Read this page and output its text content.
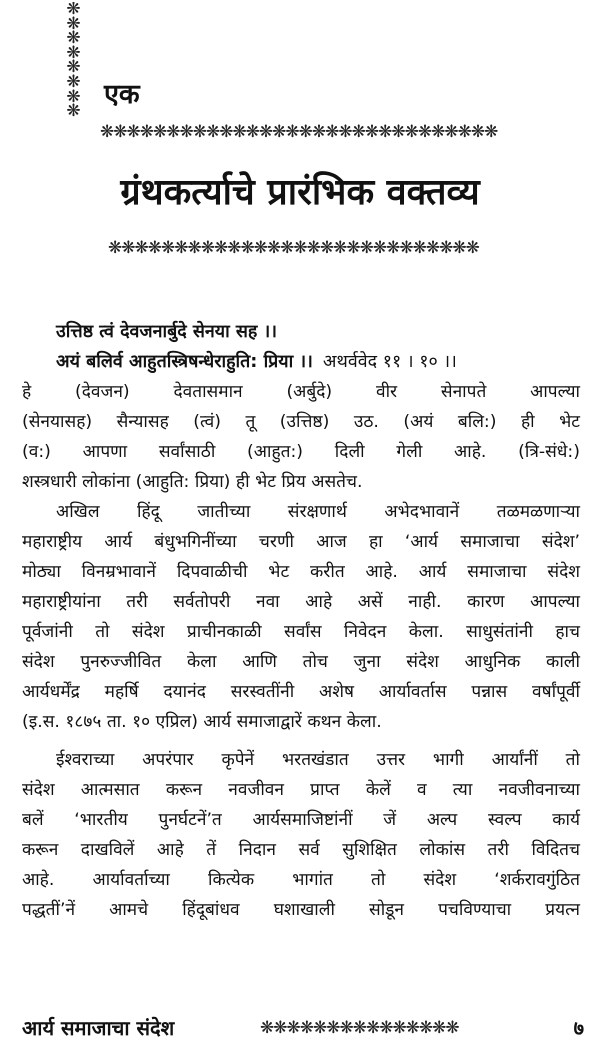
❋❋❋❋❋❋❋❋
एक
❋❋❋❋❋❋❋❋❋❋❋❋❋❋❋❋❋❋❋❋❋❋❋❋❋❋❋❋❋❋
ग्रंथकर्त्याचे प्रारंभिक वक्तव्य
❋❋❋❋❋❋❋❋❋❋❋❋❋❋❋❋❋❋❋❋❋❋❋❋❋❋❋❋
उत्तिष्ठ त्वं देवजनार्बुदे सेनया सह ।।
अयं बलिर्व आहुतस्त्रिषन्धेराहुति: प्रिया ।। अथर्ववेद ११ । १० ।।
हे (देवजन) देवतासमान (अर्बुदे) वीर सेनापते आपल्या
(सेनयासह) सैन्यासह (त्वं) तू (उत्तिष्ठ) उठ. (अयं बलि:) ही भेट
(व:) आपणा सर्वांसाठी (आहुत:) दिली गेली आहे. (त्रि-संधे:)
शस्त्रधारी लोकांना (आहुति: प्रिया) ही भेट प्रिय असतेच.
अखिल हिंदू जातीच्या संरक्षणार्थ अभेदभावानें तळमळणाऱ्या
महाराष्ट्रीय आर्य बंधुभगिनींच्या चरणी आज हा ‘आर्य समाजाचा संदेश’
मोठ्या विनम्रभावानें दिपवाळीची भेट करीत आहे. आर्य समाजाचा संदेश
महाराष्ट्रीयांना तरी सर्वतोपरी नवा आहे असें नाही. कारण आपल्या
पूर्वजांनी तो संदेश प्राचीनकाळी सर्वांस निवेदन केला. साधुसंतांनी हाच
संदेश पुनरुज्जीवित केला आणि तोच जुना संदेश आधुनिक काली
आर्यधर्मेंद्र महर्षि दयानंद सरस्वतींनी अशेष आर्यावर्तास पन्नास वर्षांपूर्वी
(इ.स. १८७५ ता. १० एप्रिल) आर्य समाजाद्वारें कथन केला.
ईश्वराच्या अपरंपार कृपेनें भरतखंडात उत्तर भागी आर्यांनीं तो
संदेश आत्मसात करून नवजीवन प्राप्त केलें व त्या नवजीवनाच्या
बलें ‘भारतीय पुनर्घटनें’त आर्यसमाजिष्टांनीं जें अल्प स्वल्प कार्य
करून दाखविलें आहे तें निदान सर्व सुशिक्षित लोकांस तरी विदितच
आहे. आर्यावर्ताच्या कित्येक भागांत तो संदेश ‘शर्करावगुंठित
पद्धतीं’नें आमचे हिंदूबांधव घशाखाली सोडून पचविण्याचा प्रयत्न
आर्य समाजाचा संदेश	❋❋❋❋❋❋❋❋❋❋❋❋❋❋❋	७
